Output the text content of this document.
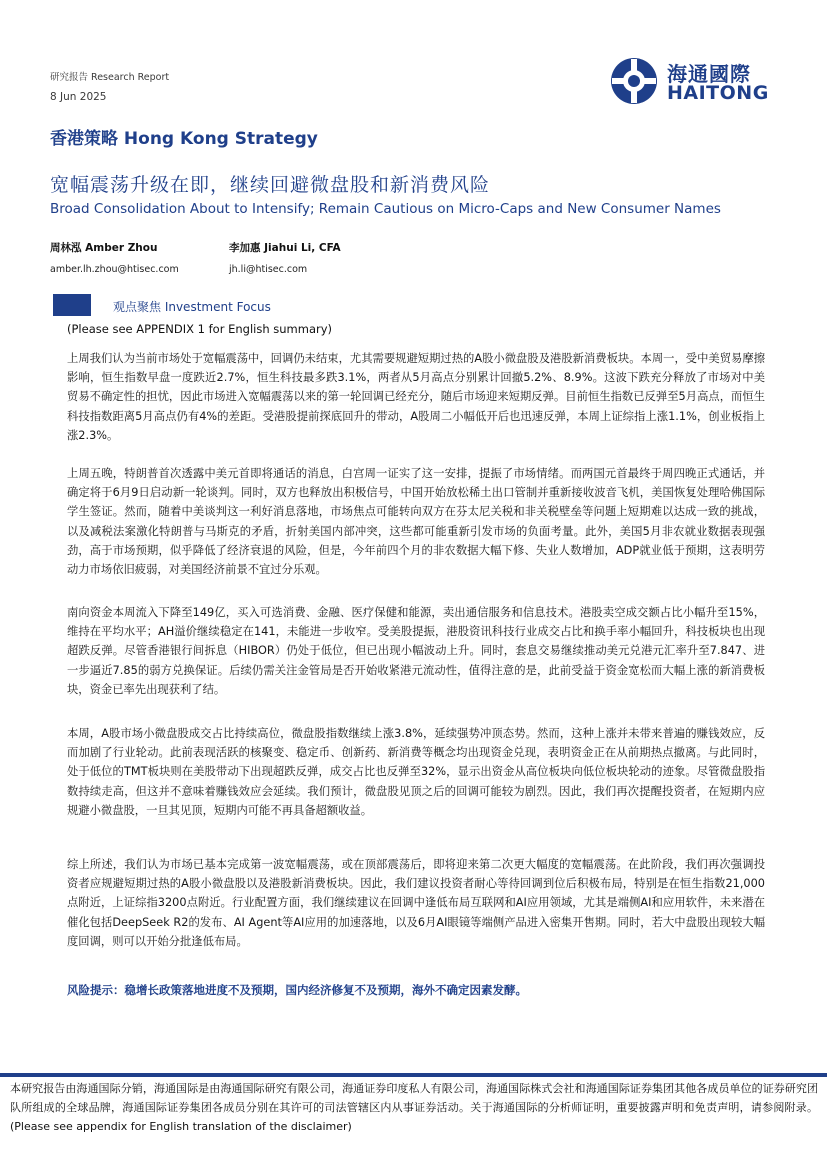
研究报告 Research Report
8 Jun 2025
海通國際
HAITONG
香港策略 Hong Kong Strategy
宽幅震荡升级在即，继续回避微盘股和新消费风险
Broad Consolidation About to Intensify; Remain Cautious on Micro-Caps and New Consumer Names
周林泓 Amber Zhou
amber.lh.zhou@htisec.com
李加惠 Jiahui Li, CFA
jh.li@htisec.com
观点聚焦 Investment Focus
(Please see APPENDIX 1 for English summary)

上周我们认为当前市场处于宽幅震荡中，回调仍未结束，尤其需要规避短期过热的A股小微盘股及港股新消费板块。本周一，受中美贸易摩擦影响，恒生指数早盘一度跌近2.7%，恒生科技最多跌3.1%，两者从5月高点分别累计回撤5.2%、8.9%。这波下跌充分释放了市场对中美贸易不确定性的担忧，因此市场进入宽幅震荡以来的第一轮回调已经充分，随后市场迎来短期反弹。目前恒生指数已反弹至5月高点，而恒生科技指数距离5月高点仍有4%的差距。受港股提前探底回升的带动，A股周二小幅低开后也迅速反弹，本周上证综指上涨1.1%，创业板指上涨2.3%。

上周五晚，特朗普首次透露中美元首即将通话的消息，白宫周一证实了这一安排，提振了市场情绪。而两国元首最终于周四晚正式通话，并确定将于6月9日启动新一轮谈判。同时，双方也释放出积极信号，中国开始放松稀土出口管制并重新接收波音飞机，美国恢复处理哈佛国际学生签证。然而，随着中美谈判这一利好消息落地，市场焦点可能转向双方在芬太尼关税和非关税壁垒等问题上短期难以达成一致的挑战，以及减税法案激化特朗普与马斯克的矛盾，折射美国内部冲突，这些都可能重新引发市场的负面考量。此外，美国5月非农就业数据表现强劲，高于市场预期，似乎降低了经济衰退的风险，但是，今年前四个月的非农数据大幅下修、失业人数增加，ADP就业低于预期，这表明劳动力市场依旧疲弱，对美国经济前景不宜过分乐观。

南向资金本周流入下降至149亿，买入可选消费、金融、医疗保健和能源，卖出通信服务和信息技术。港股卖空成交额占比小幅升至15%，维持在平均水平；AH溢价继续稳定在141，未能进一步收窄。受美股提振，港股资讯科技行业成交占比和换手率小幅回升，科技板块也出现超跌反弹。尽管香港银行间拆息（HIBOR）仍处于低位，但已出现小幅波动上升。同时，套息交易继续推动美元兑港元汇率升至7.847、进一步逼近7.85的弱方兑换保证。后续仍需关注金管局是否开始收紧港元流动性，值得注意的是，此前受益于资金宽松而大幅上涨的新消费板块，资金已率先出现获利了结。

本周，A股市场小微盘股成交占比持续高位，微盘股指数继续上涨3.8%，延续强势冲顶态势。然而，这种上涨并未带来普遍的赚钱效应，反而加剧了行业轮动。此前表现活跃的核聚变、稳定币、创新药、新消费等概念均出现资金兑现，表明资金正在从前期热点撤离。与此同时，处于低位的TMT板块则在美股带动下出现超跌反弹，成交占比也反弹至32%，显示出资金从高位板块向低位板块轮动的迹象。尽管微盘股指数持续走高，但这并不意味着赚钱效应会延续。我们预计，微盘股见顶之后的回调可能较为剧烈。因此，我们再次提醒投资者，在短期内应规避小微盘股，一旦其见顶，短期内可能不再具备超额收益。

综上所述，我们认为市场已基本完成第一波宽幅震荡，或在顶部震荡后，即将迎来第二次更大幅度的宽幅震荡。在此阶段，我们再次强调投资者应规避短期过热的A股小微盘股以及港股新消费板块。因此，我们建议投资者耐心等待回调到位后积极布局，特别是在恒生指数21,000点附近，上证综指3200点附近。行业配置方面，我们继续建议在回调中逢低布局互联网和AI应用领域，尤其是端侧AI和应用软件，未来潜在催化包括DeepSeek R2的发布、AI Agent等AI应用的加速落地，以及6月AI眼镜等端侧产品进入密集开售期。同时，若大中盘股出现较大幅度回调，则可以开始分批逢低布局。

风险提示：稳增长政策落地进度不及预期，国内经济修复不及预期，海外不确定因素发酵。
本研究报告由海通国际分销，海通国际是由海通国际研究有限公司，海通证券印度私人有限公司，海通国际株式会社和海通国际证券集团其他各成员单位的证券研究团队所组成的全球品牌，海通国际证券集团各成员分别在其许可的司法管辖区内从事证券活动。关于海通国际的分析师证明，重要披露声明和免责声明，请参阅附录。(Please see appendix for English translation of the disclaimer)
